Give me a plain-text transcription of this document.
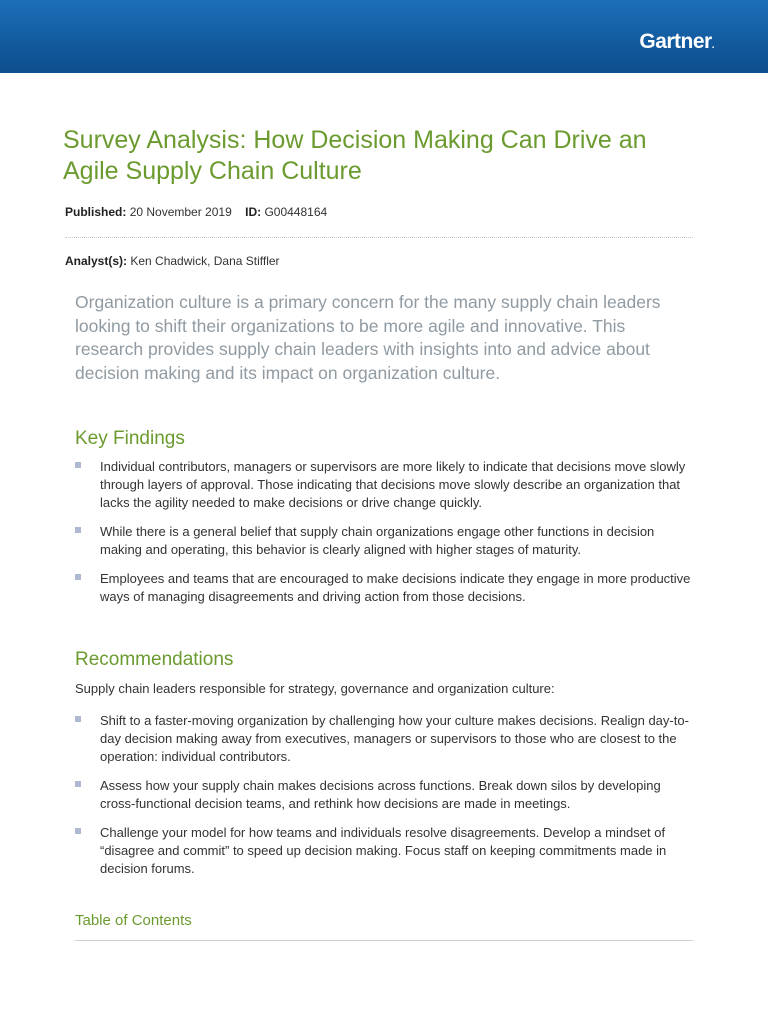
Gartner.
Survey Analysis: How Decision Making Can Drive an Agile Supply Chain Culture
Published: 20 November 2019 ID: G00448164
Analyst(s): Ken Chadwick, Dana Stiffler

Organization culture is a primary concern for the many supply chain leaders looking to shift their organizations to be more agile and innovative. This research provides supply chain leaders with insights into and advice about decision making and its impact on organization culture.

Key Findings
Individual contributors, managers or supervisors are more likely to indicate that decisions move slowly through layers of approval. Those indicating that decisions move slowly describe an organization that lacks the agility needed to make decisions or drive change quickly.
While there is a general belief that supply chain organizations engage other functions in decision making and operating, this behavior is clearly aligned with higher stages of maturity.
Employees and teams that are encouraged to make decisions indicate they engage in more productive ways of managing disagreements and driving action from those decisions.
Recommendations

Supply chain leaders responsible for strategy, governance and organization culture:

Shift to a faster-moving organization by challenging how your culture makes decisions. Realign day-to-day decision making away from executives, managers or supervisors to those who are closest to the operation: individual contributors.
Assess how your supply chain makes decisions across functions. Break down silos by developing cross-functional decision teams, and rethink how decisions are made in meetings.
Challenge your model for how teams and individuals resolve disagreements. Develop a mindset of “disagree and commit” to speed up decision making. Focus staff on keeping commitments made in decision forums.
Table of Contents
